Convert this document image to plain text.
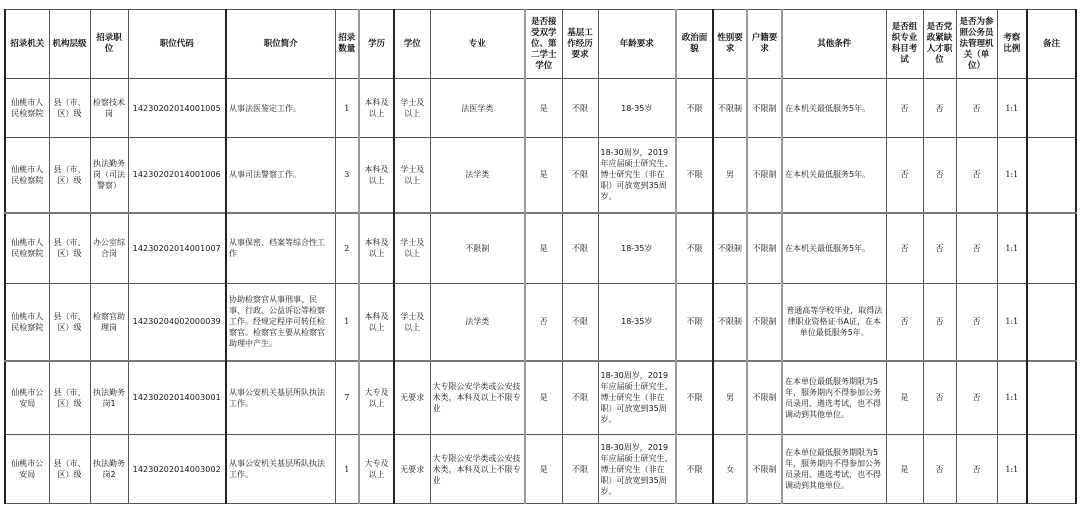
招录机关	机构层级	招录职位	职位代码	职位简介	招录数量	学历	学位	专业	是否接受双学位、第二学士学位	基层工作经历要求	年龄要求	政治面貌	性别要求	户籍要求	其他条件	是否组织专业科目考试	是否党政紧缺人才职位	是否为参照公务员法管理机关（单位）	考察比例	备注
仙桃市人民检察院	县（市、区）级	检察技术岗	14230202014001005	从事法医鉴定工作。	1	本科及以上	学士及以上	法医学类	是	不限	18-35岁	不限	不限制	不限制	在本机关最低服务5年。	否	否	否	1:1	
仙桃市人民检察院	县（市、区）级	执法勤务岗（司法警察）	14230202014001006	从事司法警察工作。	3	本科及以上	学士及以上	法学类	是	不限	18-30周岁，2019年应届硕士研究生、博士研究生（非在职）可放宽到35周岁。	不限	男	不限制	在本机关最低服务5年。	否	否	否	1:1	
仙桃市人民检察院	县（市、区）级	办公室综合岗	14230202014001007	从事保密、档案等综合性工作	2	本科及以上	学士及以上	不限制	是	不限	18-35岁	不限	不限制	不限制	在本机关最低服务5年。	否	否	否	1:1	
仙桃市人民检察院	县（市、区）级	检察官助理岗	14230204002000039	协助检察官从事刑事、民事、行政、公益诉讼等检察工作。经规定程序可转任检察官。检察官主要从检察官助理中产生。	1	本科及以上	学士及以上	法学类	否	不限	18-35岁	不限	不限制	不限制	普通高等学校毕业，取得法律职业资格证书A证，在本单位最低服务5年。	否	否	否	1:1	
仙桃市公安局	县（市、区）级	执法勤务岗1	14230202014003001	从事公安机关基层所队执法工作。	7	大专及以上	无要求	大专限公安学类或公安技术类，本科及以上不限专业	是	不限	18-30周岁，2019年应届硕士研究生、博士研究生（非在职）可放宽到35周岁。	不限	男	不限制	在本单位最低服务期限为5年，服务期内不得参加公务员录用、遴选考试，也不得调动到其他单位。	是	否	否	1:1	
仙桃市公安局	县（市、区）级	执法勤务岗2	14230202014003002	从事公安机关基层所队执法工作。	1	大专及以上	无要求	大专限公安学类或公安技术类，本科及以上不限专业	是	不限	18-30周岁，2019年应届硕士研究生、博士研究生（非在职）可放宽到35周岁。	不限	女	不限制	在本单位最低服务期限为5年，服务期内不得参加公务员录用、遴选考试，也不得调动到其他单位。	是	否	否	1:1	
